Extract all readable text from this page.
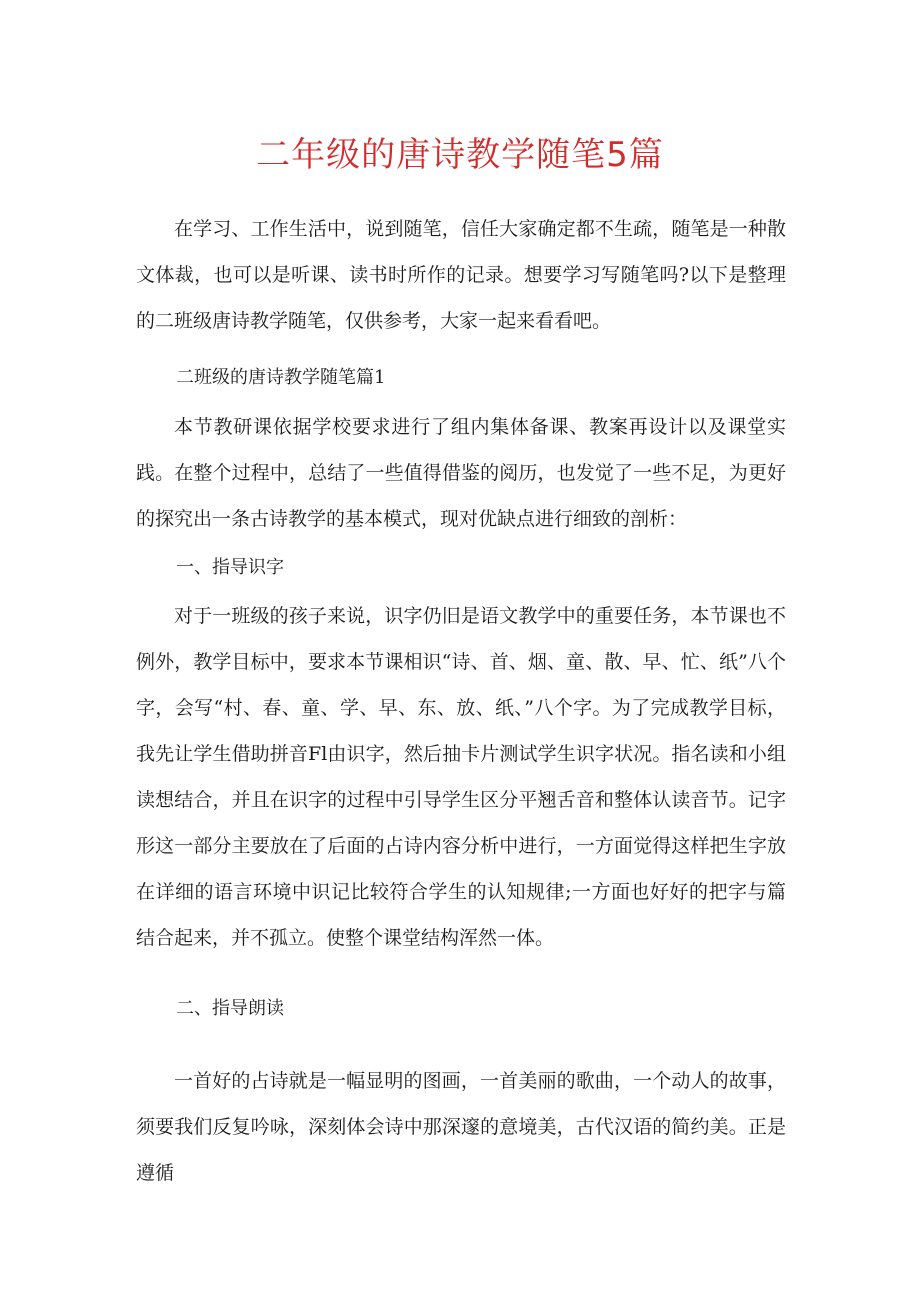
二年级的唐诗教学随笔5篇

在学习、工作生活中，说到随笔，信任大家确定都不生疏，随笔是一种散文体裁，也可以是听课、读书时所作的记录。想要学习写随笔吗?以下是整理的二班级唐诗教学随笔，仅供参考，大家一起来看看吧。

二班级的唐诗教学随笔篇1

本节教研课依据学校要求进行了组内集体备课、教案再设计以及课堂实践。在整个过程中，总结了一些值得借鉴的阅历，也发觉了一些不足，为更好的探究出一条古诗教学的基本模式，现对优缺点进行细致的剖析：

一、指导识字

对于一班级的孩子来说，识字仍旧是语文教学中的重要任务，本节课也不例外，教学目标中，要求本节课相识“诗、首、烟、童、散、早、忙、纸”八个字，会写“村、春、童、学、早、东、放、纸、”八个字。为了完成教学目标，我先让学生借助拼音Fl由识字，然后抽卡片测试学生识字状况。指名读和小组读想结合，并且在识字的过程中引导学生区分平翘舌音和整体认读音节。记字形这一部分主要放在了后面的占诗内容分析中进行，一方面觉得这样把生字放在详细的语言环境中识记比较符合学生的认知规律;一方面也好好的把字与篇结合起来，并不孤立。使整个课堂结构浑然一体。

二、指导朗读

一首好的占诗就是一幅显明的图画，一首美丽的歌曲，一个动人的故事，须要我们反复吟咏，深刻体会诗中那深邃的意境美，古代汉语的简约美。正是遵循
